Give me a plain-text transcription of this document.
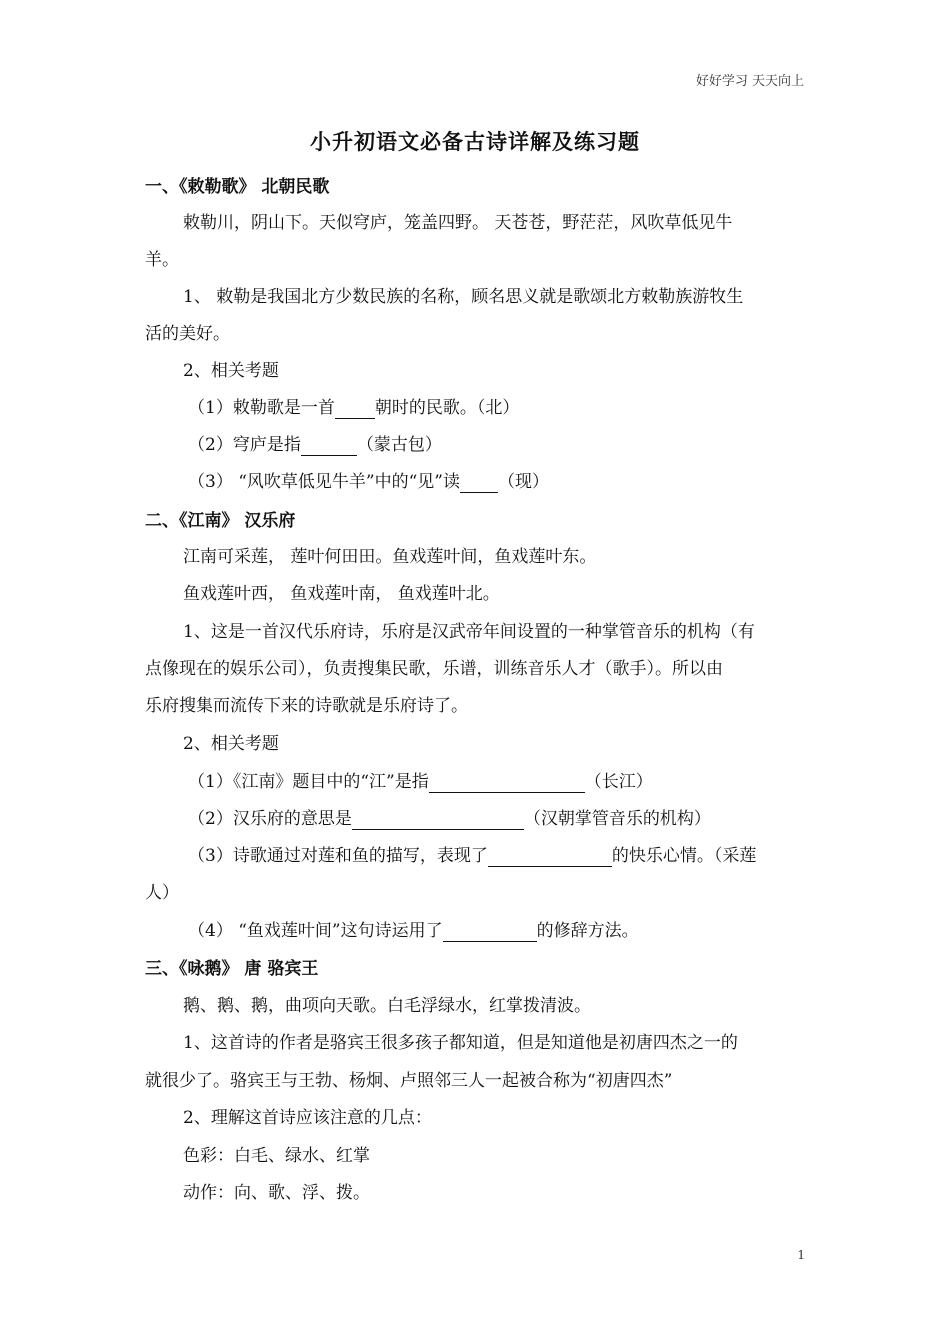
好好学习 天天向上
小升初语文必备古诗详解及练习题
一、《敕勒歌》 北朝民歌
敕勒川，阴山下。天似穹庐，笼盖四野。 天苍苍，野茫茫，风吹草低见牛
羊。
1、 敕勒是我国北方少数民族的名称，顾名思义就是歌颂北方敕勒族游牧生
活的美好。
2、相关考题
（1）敕勒歌是一首 朝时的民歌。（北）
（2）穹庐是指	（蒙古包）
（3） “风吹草低见牛羊”中的“见”读 （现）
二、《江南》 汉乐府
江南可采莲， 莲叶何田田。鱼戏莲叶间，鱼戏莲叶东。
鱼戏莲叶西， 鱼戏莲叶南， 鱼戏莲叶北。
1、这是一首汉代乐府诗，乐府是汉武帝年间设置的一种掌管音乐的机构（有
点像现在的娱乐公司），负责搜集民歌，乐谱，训练音乐人才（歌手）。所以由
乐府搜集而流传下来的诗歌就是乐府诗了。
2、相关考题
（1）《江南》题目中的“江”是指	（长江）
（2）汉乐府的意思是	（汉朝掌管音乐的机构）
（3）诗歌通过对莲和鱼的描写，表现了	的快乐心情。（采莲
人）
（4） “鱼戏莲叶间”这句诗运用了	的修辞方法。
三、《咏鹅》 唐 骆宾王
鹅、鹅、鹅，曲项向天歌。白毛浮绿水，红掌拨清波。
1、这首诗的作者是骆宾王很多孩子都知道，但是知道他是初唐四杰之一的
就很少了。骆宾王与王勃、杨炯、卢照邻三人一起被合称为“初唐四杰”
2、理解这首诗应该注意的几点：
色彩：白毛、绿水、红掌
动作：向、歌、浮、拨。
1
